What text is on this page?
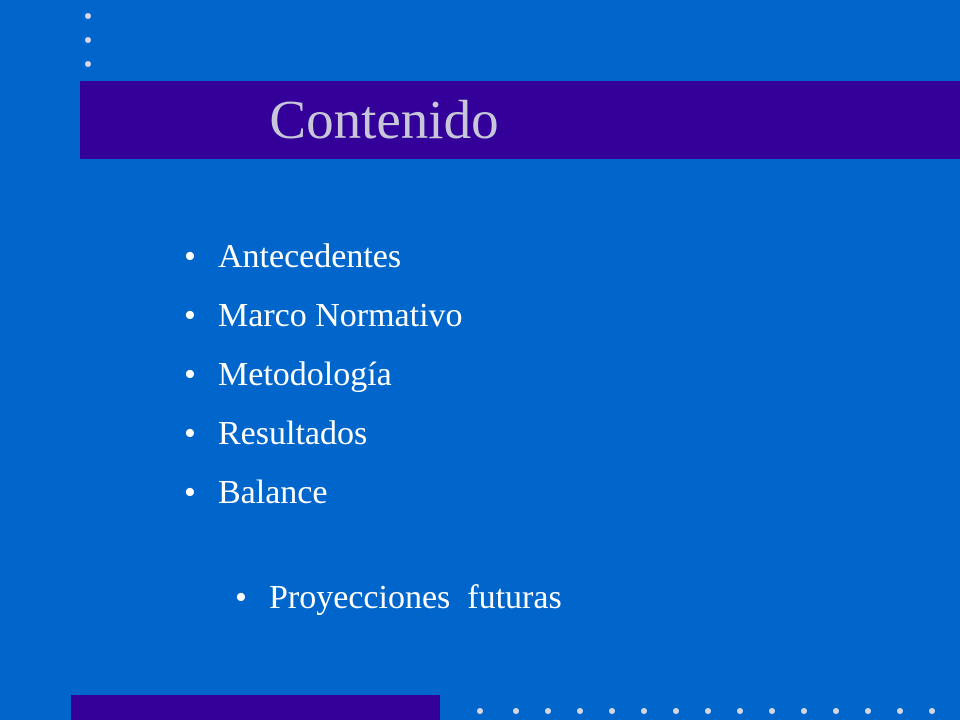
Contenido
• Antecedentes
• Marco Normativo
• Metodología
• Resultados
• Balance

• Proyecciones  futuras
